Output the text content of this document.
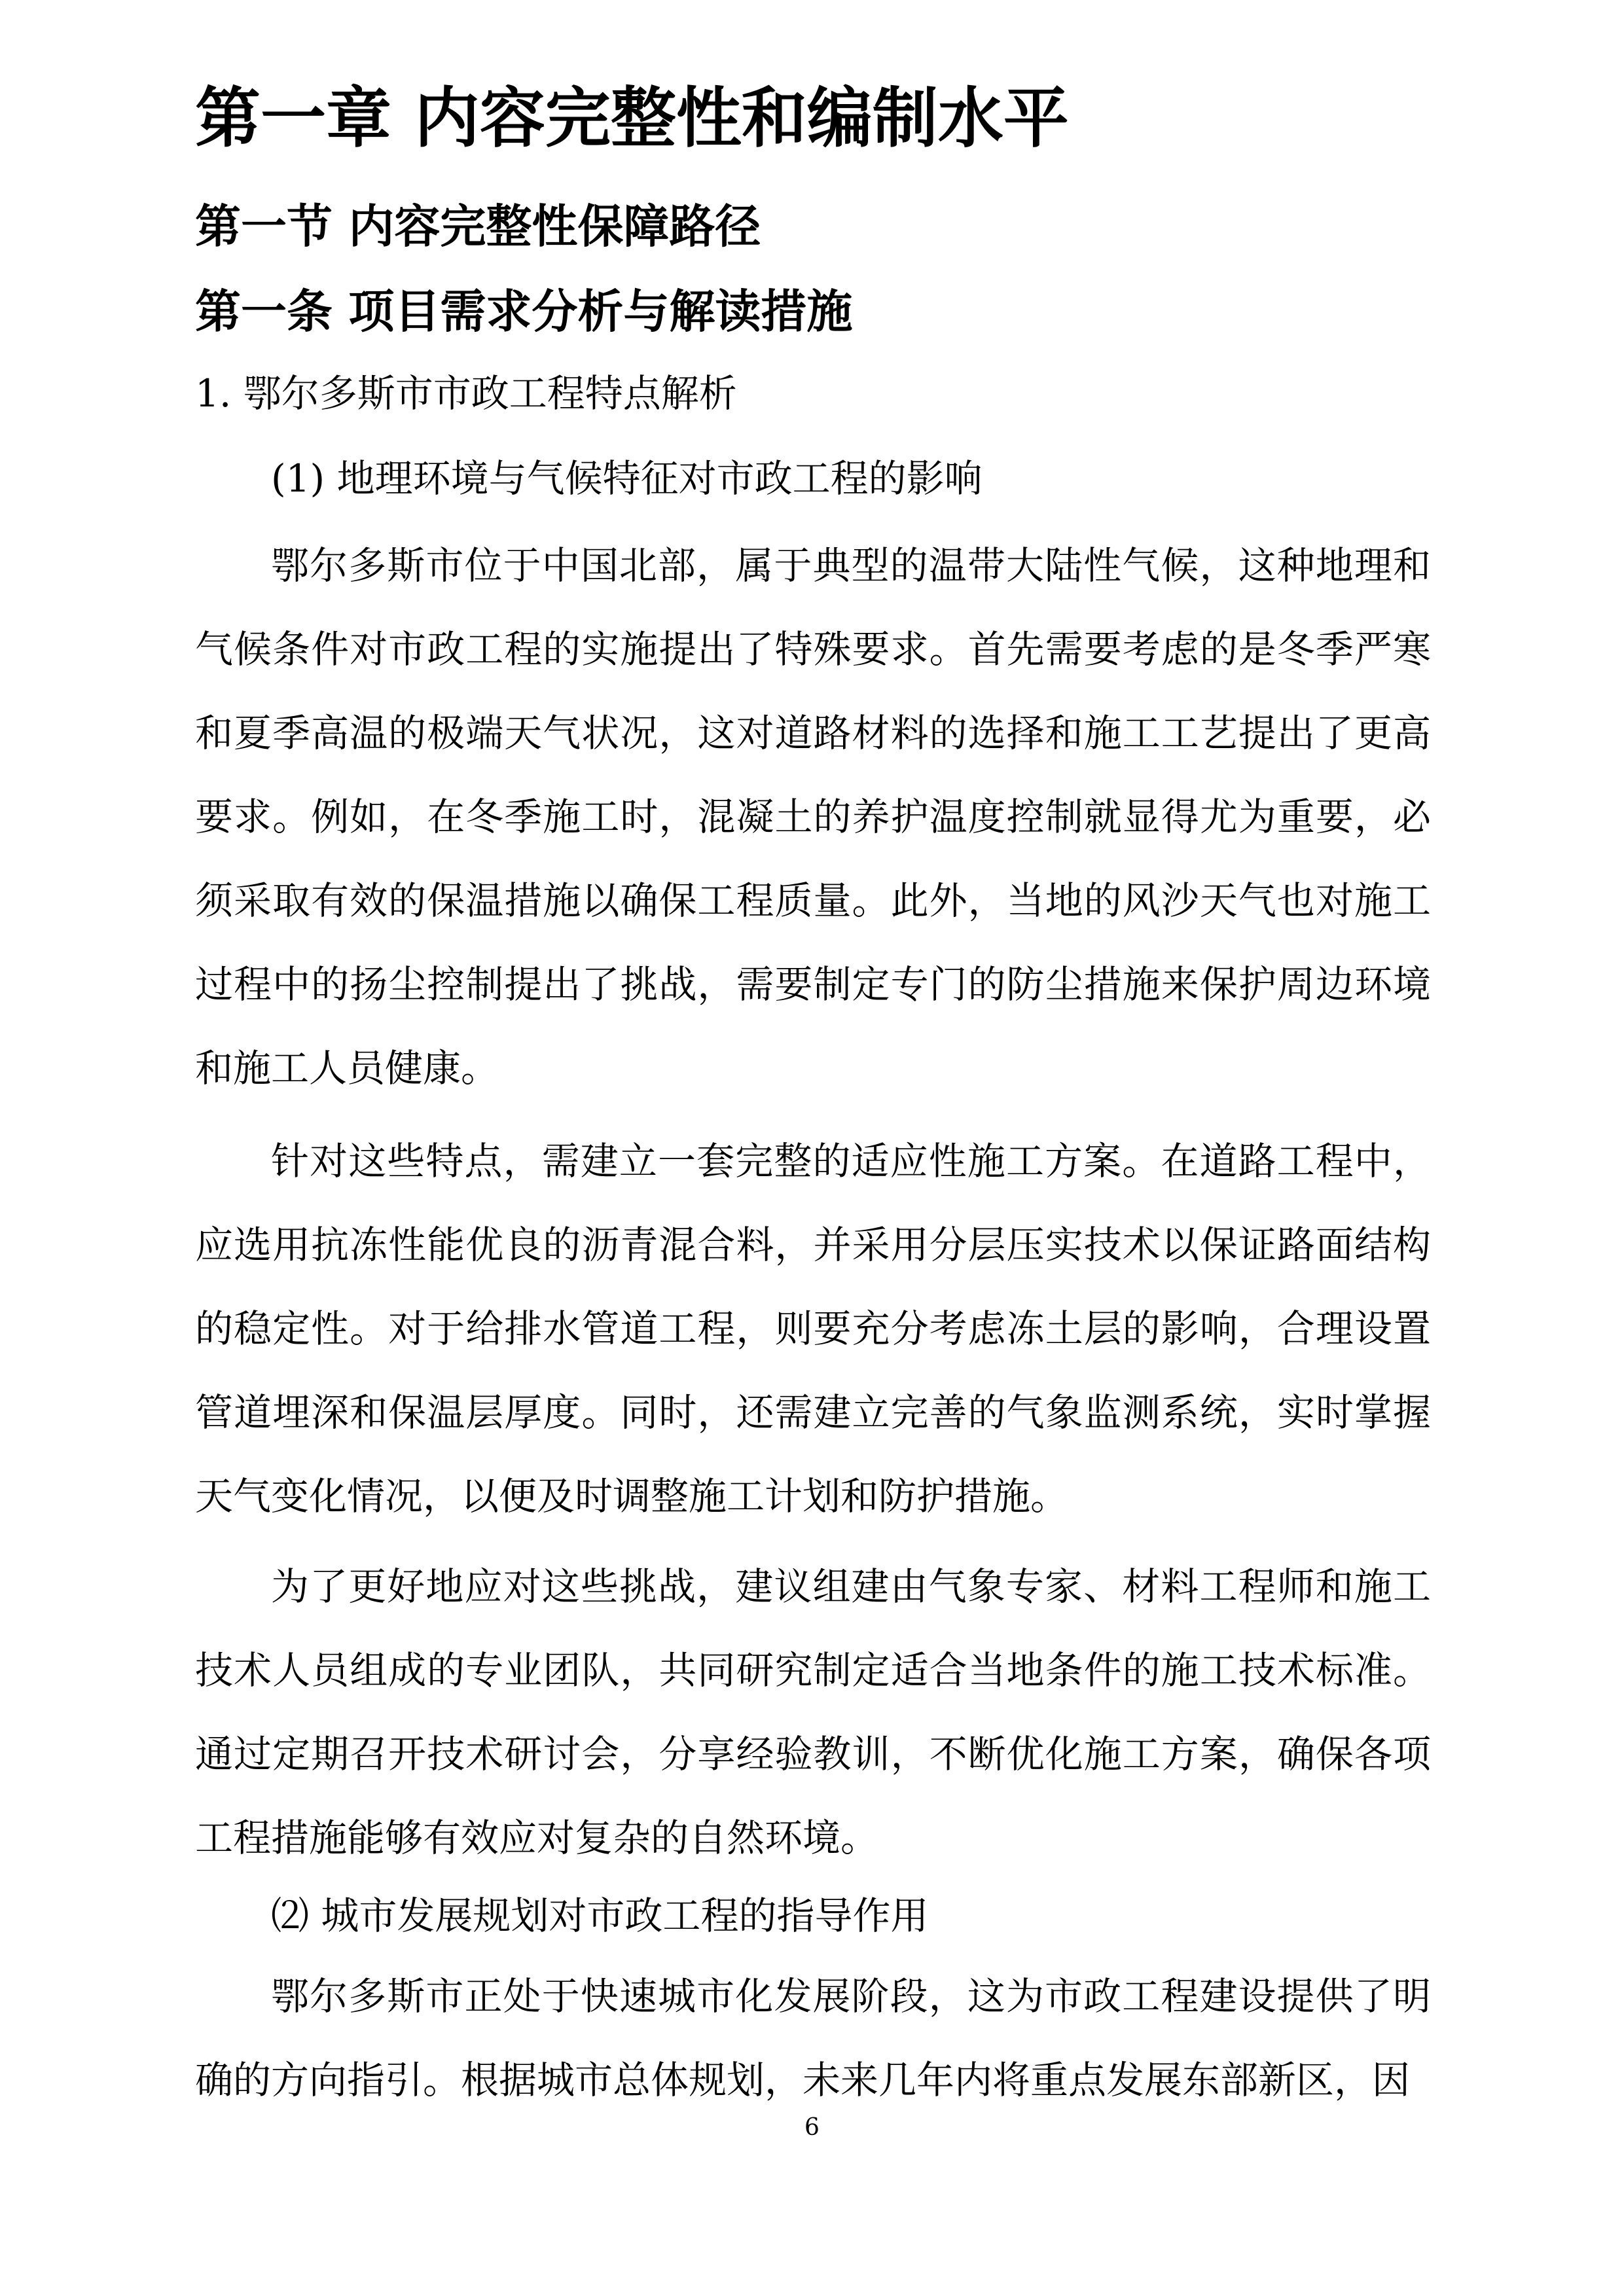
第一章 内容完整性和编制水平
第一节 内容完整性保障路径
第一条 项目需求分析与解读措施

1. 鄂尔多斯市市政工程特点解析

(1) 地理环境与气候特征对市政工程的影响

鄂尔多斯市位于中国北部，属于典型的温带大陆性气候，这种地理和气候条件对市政工程的实施提出了特殊要求。首先需要考虑的是冬季严寒和夏季高温的极端天气状况，这对道路材料的选择和施工工艺提出了更高要求。例如，在冬季施工时，混凝土的养护温度控制就显得尤为重要，必须采取有效的保温措施以确保工程质量。此外，当地的风沙天气也对施工过程中的扬尘控制提出了挑战，需要制定专门的防尘措施来保护周边环境和施工人员健康。

针对这些特点，需建立一套完整的适应性施工方案。在道路工程中，应选用抗冻性能优良的沥青混合料，并采用分层压实技术以保证路面结构的稳定性。对于给排水管道工程，则要充分考虑冻土层的影响，合理设置管道埋深和保温层厚度。同时，还需建立完善的气象监测系统，实时掌握天气变化情况，以便及时调整施工计划和防护措施。

为了更好地应对这些挑战，建议组建由气象专家、材料工程师和施工技术人员组成的专业团队，共同研究制定适合当地条件的施工技术标准。通过定期召开技术研讨会，分享经验教训，不断优化施工方案，确保各项工程措施能够有效应对复杂的自然环境。

⑵ 城市发展规划对市政工程的指导作用

鄂尔多斯市正处于快速城市化发展阶段，这为市政工程建设提供了明确的方向指引。根据城市总体规划，未来几年内将重点发展东部新区，因

6
